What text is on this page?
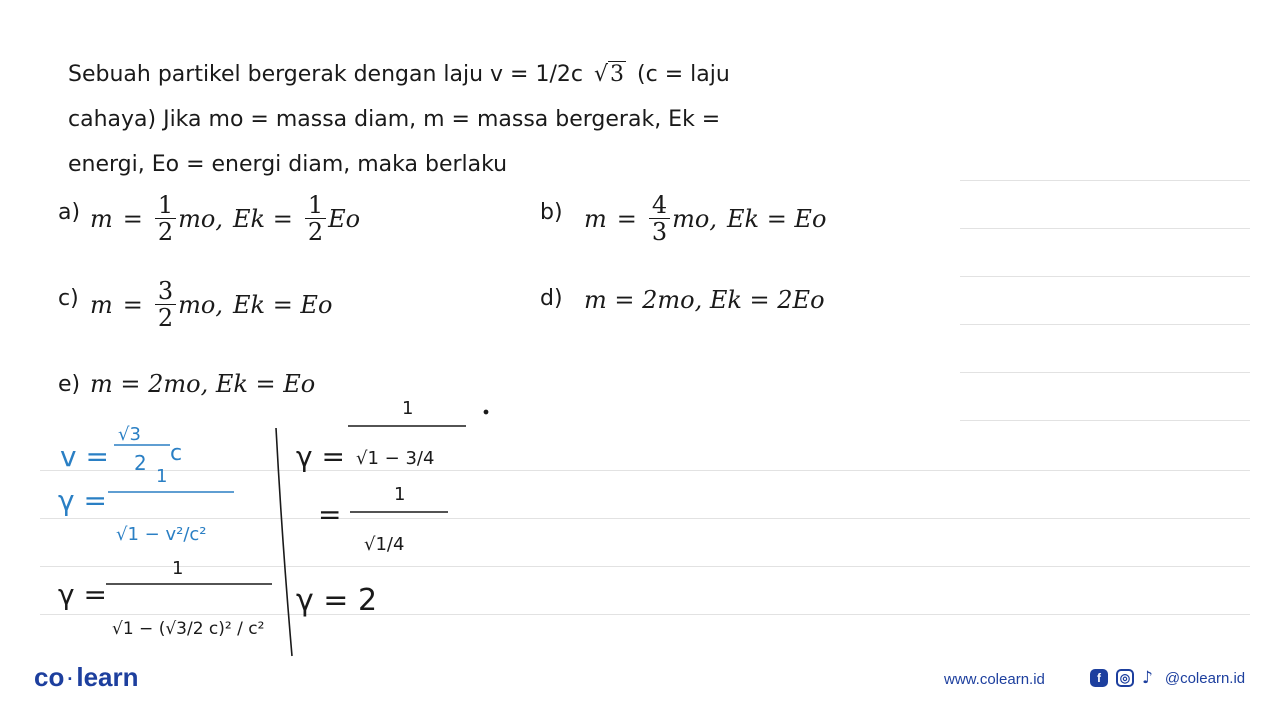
Sebuah partikel bergerak dengan laju v = 1/2c √3 (c = laju
cahaya) Jika mo = massa diam, m = massa bergerak, Ek =
energi, Eo = energi diam, maka berlaku
a) $m = \frac{1}{2}$ mo, $Ek = \frac{1}{2}$ Eo	b) $m = \frac{4}{3}$ mo, Ek = Eo
c) $m = \frac{3}{2}$ mo, Ek = Eo	d) m = 2mo, Ek = 2Eo
e) m = 2mo, Ek = Eo
v =
√3
2 c
γ =
1
√1 − v²/c²
γ =
1
√1 − (√3/2 c)² / c²
γ =
1
√1 − 3/4
=
1
√1/4
γ = 2
co · learn	www.colearn.id	f	◎ ♪ @colearn.id
